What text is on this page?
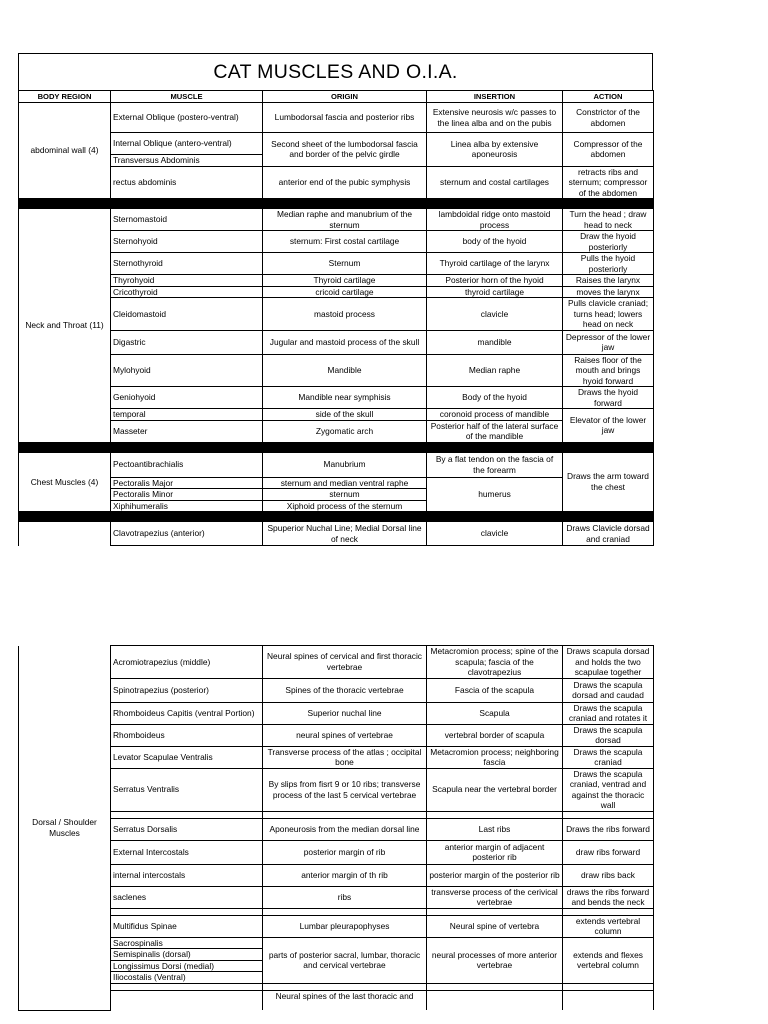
CAT MUSCLES AND O.I.A.
BODY REGION	MUSCLE	ORIGIN	INSERTION	ACTION
abdominal wall (4)	External Oblique (postero-ventral)	Lumbodorsal fascia and posterior ribs	Extensive neurosis w/c passes to the linea alba and on the pubis	Constrictor of the abdomen
	Internal Oblique (antero-ventral)	Second sheet of the lumbodorsal fascia and border of the pelvic girdle	Linea alba by extensive aponeurosis	Compressor of the abdomen
	Transversus Abdominis			
	rectus abdominis	anterior end of the pubic symphysis	sternum and costal cartilages	retracts ribs and sternum; compressor of the abdomen

Neck and Throat (11)	Sternomastoid	Median raphe and manubrium of the sternum	lambdoidal ridge onto mastoid process	Turn the head ; draw head to neck
	Sternohyoid	sternum: First costal cartilage	body of the hyoid	Draw the hyoid posteriorly
	Sternothyroid	Sternum	Thyroid cartilage of the larynx	Pulls the hyoid posteriorly
	Thyrohyoid	Thyroid cartilage	Posterior horn of the hyoid	Raises the larynx
	Cricothyroid	cricoid cartilage	thyroid cartilage	moves the larynx
	Cleidomastoid	mastoid process	clavicle	Pulls clavicle craniad; turns head; lowers head on neck
	Digastric	Jugular and mastoid process of the skull	mandible	Depressor of the lower jaw
	Mylohyoid	Mandible	Median raphe	Raises floor of the mouth and brings hyoid forward
	Geniohyoid	Mandible near symphisis	Body of the hyoid	Draws the hyoid forward
	temporal	side of the skull	coronoid process of mandible	Elevator of the lower jaw
	Masseter	Zygomatic arch	Posterior half of the lateral surface of the mandible	

Chest Muscles (4)	Pectoantibrachialis	Manubrium	By a flat tendon on the fascia of the forearm	Draws the arm toward the chest
	Pectoralis Major	sternum and median ventral raphe	humerus	
	Pectoralis Minor	sternum		
	Xiphihumeralis	Xiphoid process of the sternum		

	Clavotrapezius (anterior)	Spuperior Nuchal Line; Medial Dorsal line of neck	clavicle	Draws Clavicle dorsad and craniad
Dorsal / Shoulder Muscles	Acromiotrapezius (middle)	Neural spines of cervical and first thoracic vertebrae	Metacromion process; spine of the scapula; fascia of the clavotrapezius	Draws scapula dorsad and holds the two scapulae together
	Spinotrapezius (posterior)	Spines of the thoracic vertebrae	Fascia of the scapula	Draws the scapula dorsad and caudad
	Rhomboideus Capitis (ventral Portion)	Superior nuchal line	Scapula	Draws the scapula craniad and rotates it
	Rhomboideus	neural spines of vertebrae	vertebral border of scapula	Draws the scapula dorsad
	Levator Scapulae Ventralis	Transverse process of the atlas ; occipital bone	Metacromion process; neighboring fascia	Draws the scapula craniad
	Serratus Ventralis	By slips from fisrt 9 or 10 ribs; transverse process of the last 5 cervical vertebrae	Scapula near the vertebral border	Draws the scapula craniad, ventrad and against the thoracic wall

	Serratus Dorsalis	Aponeurosis from the median dorsal line	Last ribs	Draws the ribs forward
	External Intercostals	posterior margin of rib	anterior margin of adjacent posterior rib	draw ribs forward
	internal intercostals	anterior margin of th rib	posterior margin of the posterior rib	draw ribs back
	saclenes	ribs	transverse process of the cerivical vertebrae	draws the ribs forward and bends the neck

	Multifidus Spinae	Lumbar pleurapophyses	Neural spine of vertebra	extends vertebral column
	Sacrospinalis	parts of posterior sacral, lumbar, thoracic and cervical vertebrae	neural processes of more anterior vertebrae	extends and flexes vertebral column
	Semispinalis (dorsal)			
	Longissimus Dorsi (medial)			
	Iliocostalis (Ventral)			

		Neural spines of the last thoracic and		
